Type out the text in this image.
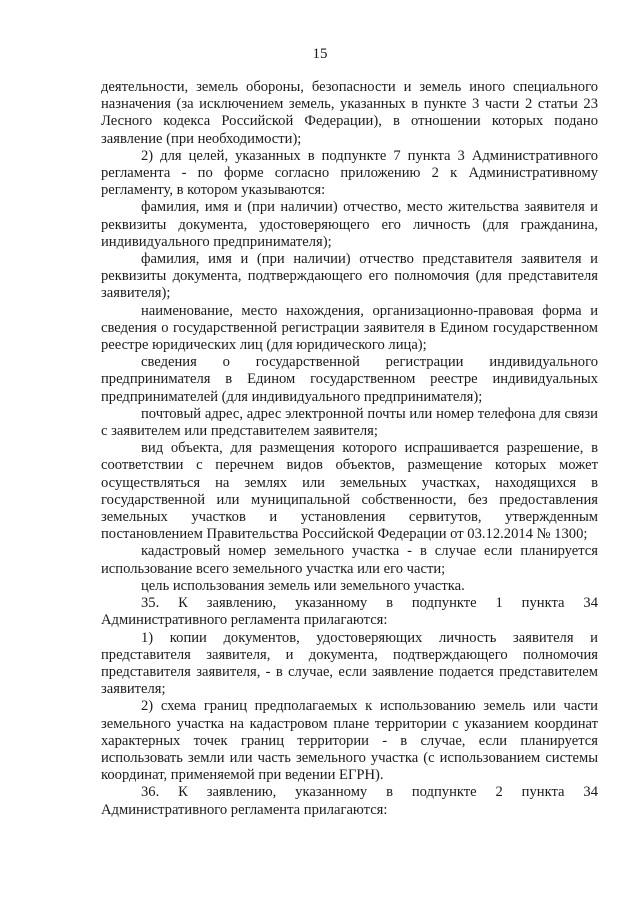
15

деятельности, земель обороны, безопасности и земель иного специального назначения (за исключением земель, указанных в пункте 3 части 2 статьи 23 Лесного кодекса Российской Федерации), в отношении которых подано заявление (при необходимости);

2) для целей, указанных в подпункте 7 пункта 3 Административного регламента - по форме согласно приложению 2 к Административному регламенту, в котором указываются:

фамилия, имя и (при наличии) отчество, место жительства заявителя и реквизиты документа, удостоверяющего его личность (для гражданина, индивидуального предпринимателя);

фамилия, имя и (при наличии) отчество представителя заявителя и реквизиты документа, подтверждающего его полномочия (для представителя заявителя);

наименование, место нахождения, организационно-правовая форма и сведения о государственной регистрации заявителя в Едином государственном реестре юридических лиц (для юридического лица);

сведения о государственной регистрации индивидуального предпринимателя в Едином государственном реестре индивидуальных предпринимателей (для индивидуального предпринимателя);

почтовый адрес, адрес электронной почты или номер телефона для связи с заявителем или представителем заявителя;

вид объекта, для размещения которого испрашивается разрешение, в соответствии с перечнем видов объектов, размещение которых может осуществляться на землях или земельных участках, находящихся в государственной или муниципальной собственности, без предоставления земельных участков и установления сервитутов, утвержденным постановлением Правительства Российской Федерации от 03.12.2014 № 1300;

кадастровый номер земельного участка - в случае если планируется использование всего земельного участка или его части;

цель использования земель или земельного участка.

35. К заявлению, указанному в подпункте 1 пункта 34 Административного регламента прилагаются:

1) копии документов, удостоверяющих личность заявителя и представителя заявителя, и документа, подтверждающего полномочия представителя заявителя, - в случае, если заявление подается представителем заявителя;

2) схема границ предполагаемых к использованию земель или части земельного участка на кадастровом плане территории с указанием координат характерных точек границ территории - в случае, если планируется использовать земли или часть земельного участка (с использованием системы координат, применяемой при ведении ЕГРН).

36. К заявлению, указанному в подпункте 2 пункта 34 Административного регламента прилагаются:
